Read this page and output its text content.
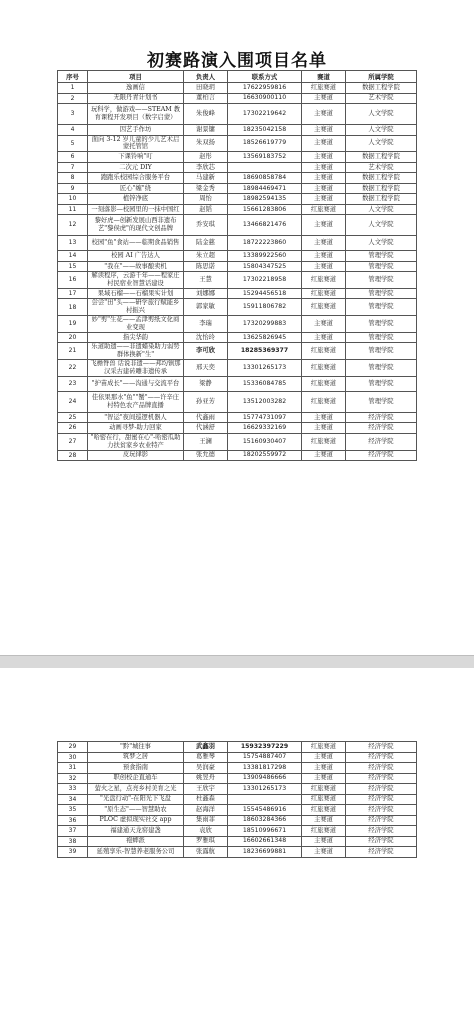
初赛路演入围项目名单
序号	项目	负责人	联系方式	赛道	所属学院
1	逸画信	田晓玥	17622959816	红旅赛道	数据工程学院
2	无限丹青计划书	董柏言	16630900110	主赛道	艺术学院
3	玩科学，做游戏——STEAM 教育课程开发项目（数字启蒙）	朱俊峰	17302219642	主赛道	人文学院
4	因艺手作坊	谢景镛	18235042158	主赛道	人文学院
5	面向 3-12 岁儿童的少儿艺术启蒙托管馆	朱双扬	18526619779	主赛道	人文学院
6	下课铃响"叮	赵彤	13569183752	主赛道	数据工程学院
7	二次元 DIY	李欣芯		主赛道	艺术学院
8	跑跑乐校园综合服务平台	马建新	18690858784	主赛道	数据工程学院
9	匠心"缠"绕	梁金秀	18984469471	主赛道	数据工程学院
10	植锌净底	周怡	18982594135	主赛道	数据工程学院
11	一刻落影—校园里的一抹中国红	赵韬	15661283806	红旅赛道	人文学院
12	黎好虎—创新发展山西非遗布艺"黎侯虎"的现代文创品牌	乔安琪	13466821476	主赛道	人文学院
13	校园"鱼"食站——临期食品销售	陆金慈	18722223860	主赛道	人文学院
14	校园 AI 广告达人	朱立超	13389922560	主赛道	管理学院
15	"我在"——故事酿卖机	陈思诺	15804347525	主赛道	管理学院
16	解读程序，云游千年——程家庄村民宿业智慧话建设	王慧	17302218958	红旅赛道	管理学院
17	果域石榴——石榴果实计划	刘娜娜	15294456518	红旅赛道	管理学院
18	尝尝"田"头——研学旅行赋能乡村振兴	郭家敏	15911806782	红旅赛道	管理学院
19	妙"剪"生花——孟津剪纸文化商业变现	李瑞	17320299883	主赛道	管理学院
20	指尖华韵	沈怡玲	13625826945	主赛道	管理学院
21	乐道助遗——非遗蜡染助力弱势群体换新"生"	李可欣	18285369377	红旅赛道	管理学院
22	飞檐脊兽 话说非遗——邦均镇那汉采古建砖雕非遗传承	邢天奕	13301265173	红旅赛道	管理学院
23	"护苗成长"——沟通与交流平台	梁静	15336084785	红旅赛道	管理学院
24	佳依果那水"鱼""蟹"——许辛庄村特色农产品牌直播	孙亚芳	13512003282	红旅赛道	管理学院
25	"智运"夜间巡逻机器人	代鑫雨	15774731097	主赛道	经济学院
26	动画寻梦-助力回家	代涵舒	16629332169	主赛道	经济学院
27	"哈密在行，甜蜜在心"-哈密瓜助力扶贫家乡农业特产	王澜	15160930407	红旅赛道	经济学院
28	皮玩律影	张允德	18202559972	主赛道	经济学院
29	"黔"城往事	武鑫羽	15932397229	红旅赛道	经济学院
30	筑梦之居	葛雅琴	15754887407	主赛道	经济学院
31	预食指南	吴润豪	13381817298	主赛道	经济学院
32	职创校企直通车	姚昱舟	13909486666	主赛道	经济学院
33	萤火之星，点亮乡村美育之光	王欣宇	13301265173	红旅赛道	经济学院
34	"光盘行动"-在阳光下飞盘	杜鑫森		红旅赛道	经济学院
35	"原生态"——智慧助农	赵海洋	15545486916	红旅赛道	经济学院
36	PLOC 虚拟现实社交 app	集雨菲	18603284366	主赛道	经济学院
37	福建通天龙窑建盏	袁欣	18510996671	红旅赛道	经济学院
38	袍蟀派	罗雅琪	16602661348	主赛道	经济学院
39	延殖享乐-智慧养老服务公司	张露航	18236699881	主赛道	经济学院
